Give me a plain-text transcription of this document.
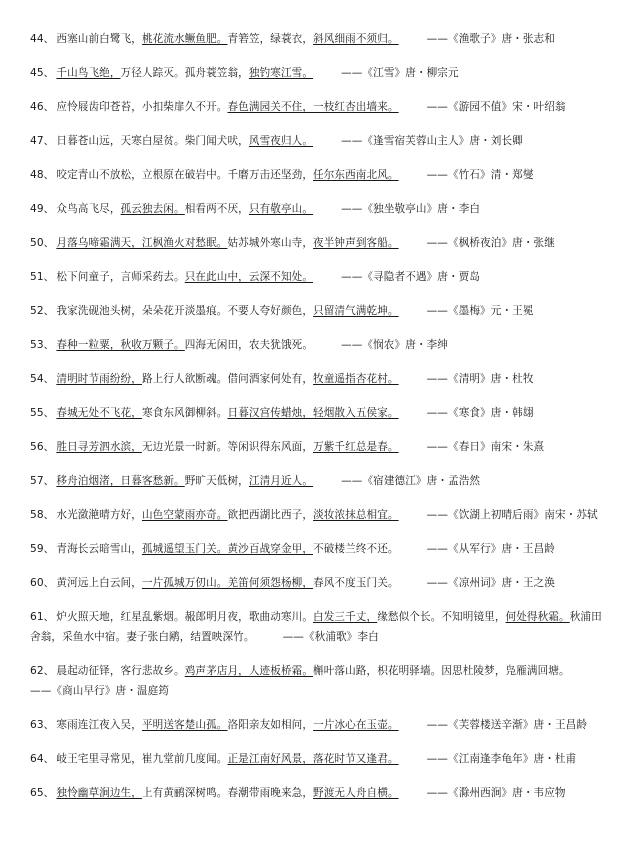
44、 西塞山前白鹭飞，桃花流水鳜鱼肥。青箬笠，绿蓑衣，斜风细雨不须归。	——《渔歌子》唐・张志和

45、 千山鸟飞绝，万径人踪灭。孤舟蓑笠翁，独钓寒江雪。	——《江雪》唐・柳宗元

46、 应怜屐齿印苍苔，小扣柴扉久不开。春色满园关不住，一枝红杏出墙来。	——《游园不值》宋・叶绍翁

47、 日暮苍山远，天寒白屋贫。柴门闻犬吠，风雪夜归人。	——《逢雪宿芙蓉山主人》唐・刘长卿

48、 咬定青山不放松，立根原在破岩中。千磨万击还坚劲，任尔东西南北风。	——《竹石》清・郑燮

49、 众鸟高飞尽，孤云独去闲。相看两不厌，只有敬亭山。	——《独坐敬亭山》唐・李白

50、 月落乌啼霜满天，江枫渔火对愁眠。姑苏城外寒山寺，夜半钟声到客船。	——《枫桥夜泊》唐・张继

51、 松下问童子，言师采药去。只在此山中，云深不知处。	——《寻隐者不遇》唐・贾岛

52、 我家洗砚池头树，朵朵花开淡墨痕。不要人夸好颜色，只留清气满乾坤。	——《墨梅》元・王冕

53、 春种一粒粟，秋收万颗子。四海无闲田，农夫犹饿死。	——《悯农》唐・李绅

54、 清明时节雨纷纷，路上行人欲断魂。借问酒家何处有，牧童遥指杏花村。	——《清明》唐・杜牧

55、 春城无处不飞花，寒食东风御柳斜。日暮汉宫传蜡烛，轻烟散入五侯家。	——《寒食》唐・韩翃

56、 胜日寻芳泗水滨，无边光景一时新。等闲识得东风面，万紫千红总是春。	——《春日》南宋・朱熹

57、 移舟泊烟渚，日暮客愁新。野旷天低树，江清月近人。	——《宿建德江》唐・孟浩然

58、 水光潋滟晴方好，山色空蒙雨亦奇。欲把西湖比西子，淡妆浓抹总相宜。	——《饮湖上初晴后雨》南宋・苏轼

59、 青海长云暗雪山，孤城遥望玉门关。黄沙百战穿金甲，不破楼兰终不还。	——《从军行》唐・王昌龄

60、 黄河远上白云间，一片孤城万仞山。羌笛何须怨杨柳，春风不度玉门关。	——《凉州词》唐・王之涣

61、 炉火照天地，红星乱紫烟。赧郎明月夜，歌曲动寒川。白发三千丈，缘愁似个长。不知明镜里，何处得秋霜。秋浦田舍翁，采鱼水中宿。妻子张白鹇，结置映深竹。	——《秋浦歌》李白

62、 晨起动征铎，客行悲故乡。鸡声茅店月，人迹板桥霜。槲叶落山路，枳花明驿墙。因思杜陵梦，凫雁满回塘。——《商山早行》唐・温庭筠

63、 寒雨连江夜入吴，平明送客楚山孤。洛阳亲友如相问，一片冰心在玉壶。	——《芙蓉楼送辛渐》唐・王昌龄

64、 岐王宅里寻常见，崔九堂前几度闻。正是江南好风景，落花时节又逢君。	——《江南逢李龟年》唐・杜甫

65、 独怜幽草涧边生，上有黄鹂深树鸣。春潮带雨晚来急，野渡无人舟自横。	——《滁州西涧》唐・韦应物
